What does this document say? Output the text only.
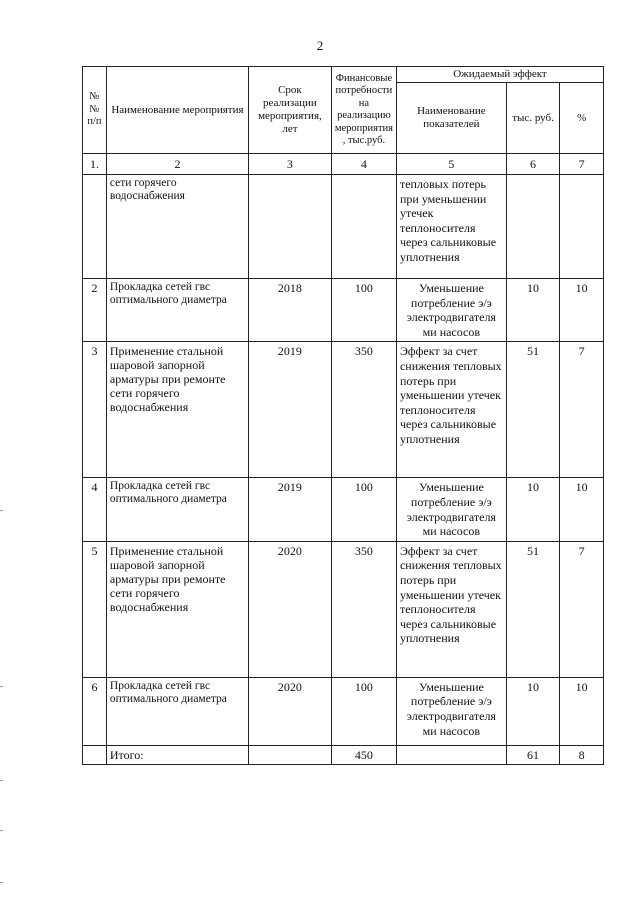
2
№№ п/п	Наименование мероприятия	Срок реализации мероприятия, лет	Финансовые потребности на реализацию мероприятия , тыс.руб.	Ожидаемый эффект		
				Наименование показателей	тыс. руб.	%
1.	2	3	4	5	6	7
	сети горячего водоснабжения			тепловых потерь при уменьшении утечек теплоносителя через сальниковые уплотнения		
2	Прокладка сетей гвс оптимального диаметра	2018	100	Уменьшение потребление э/э электродвигателя ми насосов	10	10
3	Применение стальной шаровой запорной арматуры при ремонте сети горячего водоснабжения	2019	350	Эффект за счет снижения тепловых потерь при уменьшении утечек теплоносителя через сальниковые уплотнения	51	7
4	Прокладка сетей гвс оптимального диаметра	2019	100	Уменьшение потребление э/э электродвигателя ми насосов	10	10
5	Применение стальной шаровой запорной арматуры при ремонте сети горячего водоснабжения	2020	350	Эффект за счет снижения тепловых потерь при уменьшении утечек теплоносителя через сальниковые уплотнения	51	7
6	Прокладка сетей гвс оптимального диаметра	2020	100	Уменьшение потребление э/э электродвигателя ми насосов	10	10
	Итого:		450		61	8
